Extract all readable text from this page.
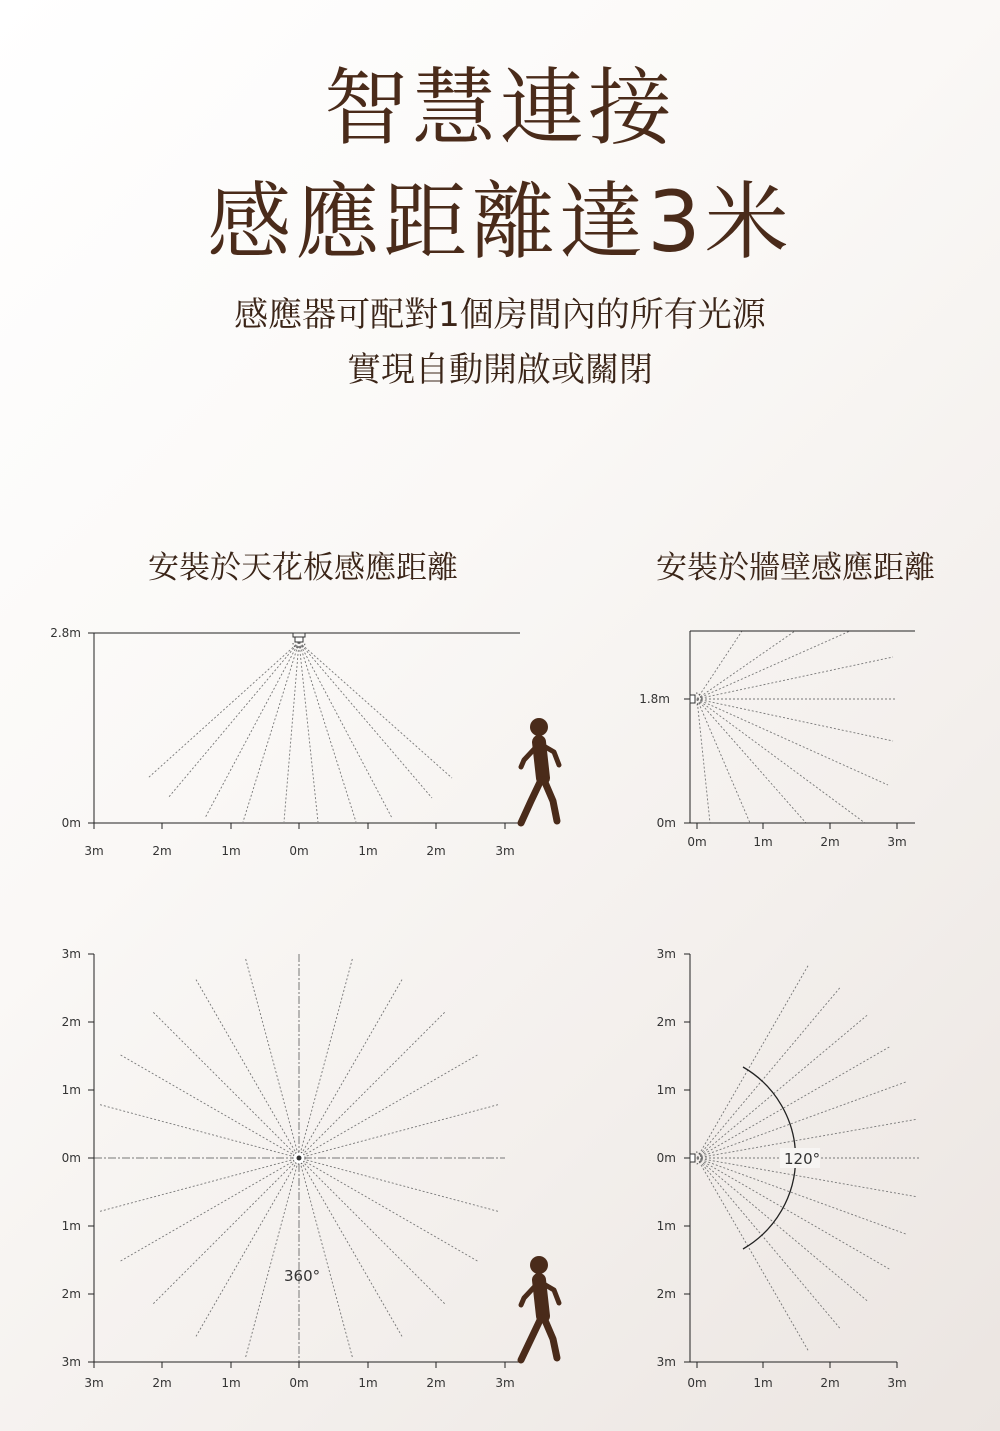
智慧連接
感應距離達3米

感應器可配對1個房間內的所有光源

實現自動開啟或關閉

安裝於天花板感應距離	安裝於牆壁感應距離

2.8m
0m
3m	2m	1m	0m	1m	2m	3m
1.8m
0m
0m	1m	2m	3m
3m
2m
1m
0m
1m
2m
3m
3m	2m	1m	0m	1m	2m	3m
360°
3m
2m
1m
0m
1m
2m
3m
0m	1m	2m	3m
120°
